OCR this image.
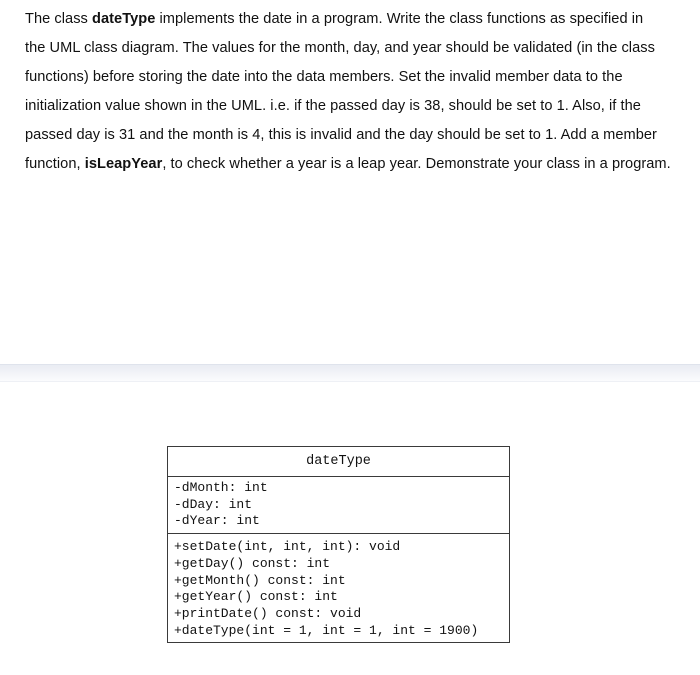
The class dateType implements the date in a program. Write the class functions as specified in
the UML class diagram. The values for the month, day, and year should be validated (in the class
functions) before storing the date into the data members. Set the invalid member data to the
initialization value shown in the UML. i.e. if the passed day is 38, should be set to 1. Also, if the
passed day is 31 and the month is 4, this is invalid and the day should be set to 1. Add a member
function, isLeapYear, to check whether a year is a leap year. Demonstrate your class in a program.
dateType
-dMonth: int
-dDay: int
-dYear: int
+setDate(int, int, int): void
+getDay() const: int
+getMonth() const: int
+getYear() const: int
+printDate() const: void
+dateType(int = 1, int = 1, int = 1900)
